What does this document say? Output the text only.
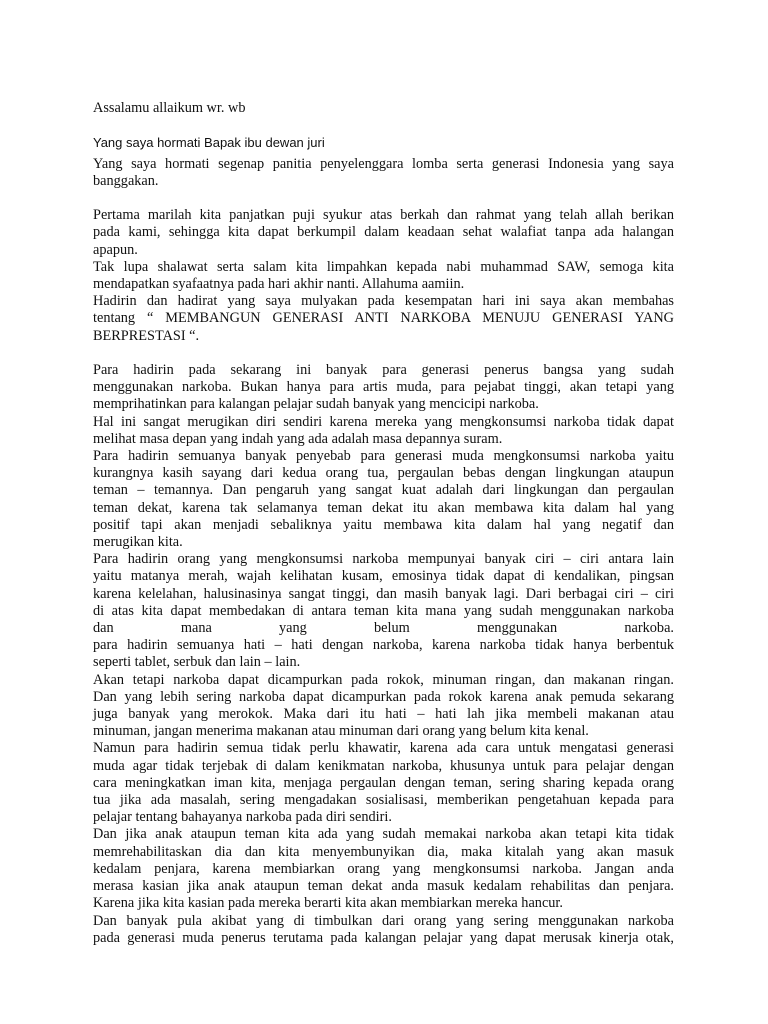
Assalamu allaikum wr. wb
Yang saya hormati Bapak ibu dewan juri
Yang saya hormati segenap panitia penyelenggara lomba serta generasi Indonesia yang saya
banggakan.
Pertama marilah kita panjatkan puji syukur atas berkah dan rahmat yang telah allah berikan
pada kami, sehingga kita dapat berkumpil dalam keadaan sehat walafiat tanpa ada halangan
apapun.
Tak lupa shalawat serta salam kita limpahkan kepada nabi muhammad SAW, semoga kita
mendapatkan syafaatnya pada hari akhir nanti. Allahuma aamiin.
Hadirin dan hadirat yang saya mulyakan pada kesempatan hari ini saya akan membahas
tentang “ MEMBANGUN GENERASI ANTI NARKOBA MENUJU GENERASI YANG
BERPRESTASI “.
Para hadirin pada sekarang ini banyak para generasi penerus bangsa yang sudah
menggunakan narkoba. Bukan hanya para artis muda, para pejabat tinggi, akan tetapi yang
memprihatinkan para kalangan pelajar sudah banyak yang mencicipi narkoba.
Hal ini sangat merugikan diri sendiri karena mereka yang mengkonsumsi narkoba tidak dapat
melihat masa depan yang indah yang ada adalah masa depannya suram.
Para hadirin semuanya banyak penyebab para generasi muda mengkonsumsi narkoba yaitu
kurangnya kasih sayang dari kedua orang tua, pergaulan bebas dengan lingkungan ataupun
teman – temannya. Dan pengaruh yang sangat kuat adalah dari lingkungan dan pergaulan
teman dekat, karena tak selamanya teman dekat itu akan membawa kita dalam hal yang
positif tapi akan menjadi sebaliknya yaitu membawa kita dalam hal yang negatif dan
merugikan kita.
Para hadirin orang yang mengkonsumsi narkoba mempunyai banyak ciri – ciri antara lain
yaitu matanya merah, wajah kelihatan kusam, emosinya tidak dapat di kendalikan, pingsan
karena kelelahan, halusinasinya sangat tinggi, dan masih banyak lagi. Dari berbagai ciri – ciri
di atas kita dapat membedakan di antara teman kita mana yang sudah menggunakan narkoba
dan mana yang belum menggunakan narkoba.
para hadirin semuanya hati – hati dengan narkoba, karena narkoba tidak hanya berbentuk
seperti tablet, serbuk dan lain – lain.
Akan tetapi narkoba dapat dicampurkan pada rokok, minuman ringan, dan makanan ringan.
Dan yang lebih sering narkoba dapat dicampurkan pada rokok karena anak pemuda sekarang
juga banyak yang merokok. Maka dari itu hati – hati lah jika membeli makanan atau
minuman, jangan menerima makanan atau minuman dari orang yang belum kita kenal.
Namun para hadirin semua tidak perlu khawatir, karena ada cara untuk mengatasi generasi
muda agar tidak terjebak di dalam kenikmatan narkoba, khusunya untuk para pelajar dengan
cara meningkatkan iman kita, menjaga pergaulan dengan teman, sering sharing kepada orang
tua jika ada masalah, sering mengadakan sosialisasi, memberikan pengetahuan kepada para
pelajar tentang bahayanya narkoba pada diri sendiri.
Dan jika anak ataupun teman kita ada yang sudah memakai narkoba akan tetapi kita tidak
memrehabilitaskan dia dan kita menyembunyikan dia, maka kitalah yang akan masuk
kedalam penjara, karena membiarkan orang yang mengkonsumsi narkoba. Jangan anda
merasa kasian jika anak ataupun teman dekat anda masuk kedalam rehabilitas dan penjara.
Karena jika kita kasian pada mereka berarti kita akan membiarkan mereka hancur.
Dan banyak pula akibat yang di timbulkan dari orang yang sering menggunakan narkoba
pada generasi muda penerus terutama pada kalangan pelajar yang dapat merusak kinerja otak,
